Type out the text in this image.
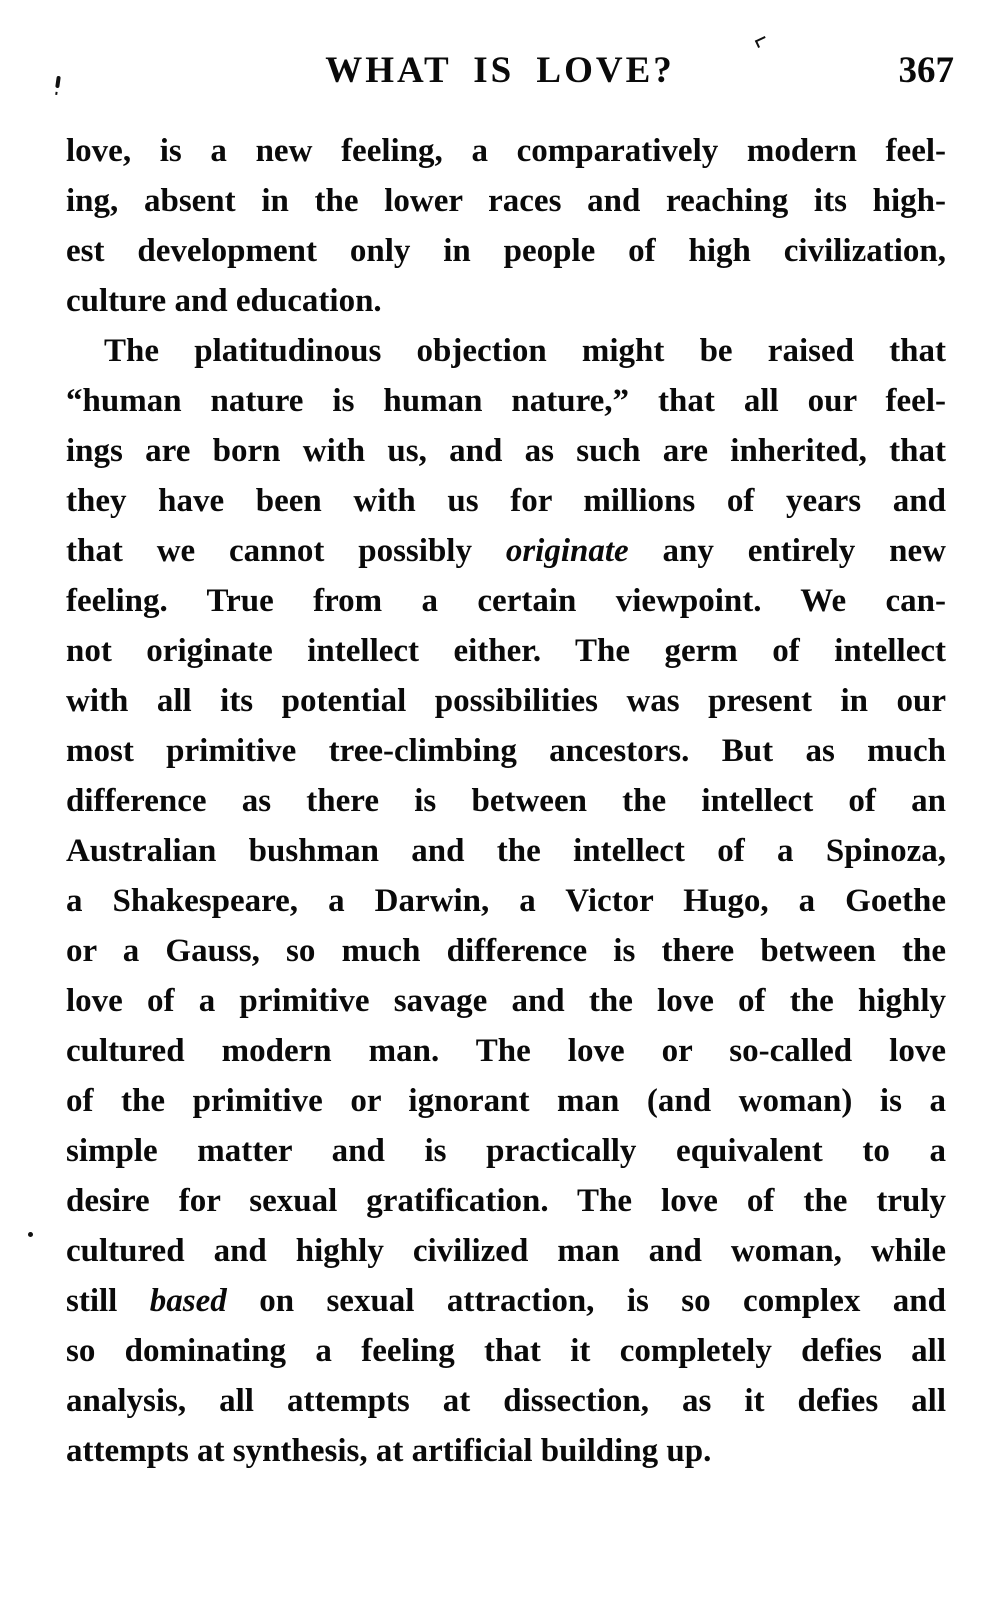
WHAT IS LOVE?	367
love, is a new feeling, a comparatively modern feel-
ing, absent in the lower races and reaching its high-
est development only in people of high civilization,
culture and education.
The platitudinous objection might be raised that
“human nature is human nature,” that all our feel-
ings are born with us, and as such are inherited, that
they have been with us for millions of years and
that we cannot possibly originate any entirely new
feeling. True from a certain viewpoint. We can-
not originate intellect either. The germ of intellect
with all its potential possibilities was present in our
most primitive tree-climbing ancestors. But as much
difference as there is between the intellect of an
Australian bushman and the intellect of a Spinoza,
a Shakespeare, a Darwin, a Victor Hugo, a Goethe
or a Gauss, so much difference is there between the
love of a primitive savage and the love of the highly
cultured modern man. The love or so-called love
of the primitive or ignorant man (and woman) is a
simple matter and is practically equivalent to a
desire for sexual gratification. The love of the truly
cultured and highly civilized man and woman, while
still based on sexual attraction, is so complex and
so dominating a feeling that it completely defies all
analysis, all attempts at dissection, as it defies all
attempts at synthesis, at artificial building up.
